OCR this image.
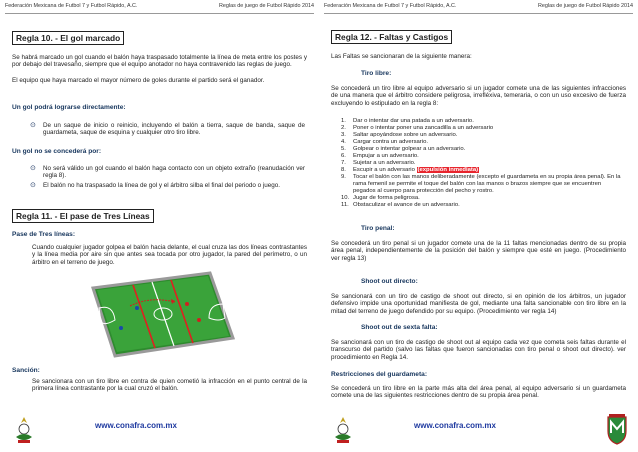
Federación Mexicana de Futbol 7 y Futbol Rápido, A.C.	Reglas de juego de Futbol Rápido 2014
Regla 10. - El gol marcado
Se habrá marcado un gol cuando el balón haya traspasado totalmente la línea de meta entre los postes y por debajo del travesaño, siempre que el equipo anotador no haya contravenido las reglas de juego.
El equipo que haya marcado el mayor número de goles durante el partido será el ganador.
Un gol podrá lograrse directamente:
⊙ De un saque de inicio o reinicio, incluyendo el balón a tierra, saque de banda, saque de guardameta, saque de esquina y cualquier otro tiro libre.
Un gol no se concederá por:
⊙ No será válido un gol cuando el balón haga contacto con un objeto extraño (reanudación ver regla 8).
⊙ El balón no ha traspasado la línea de gol y el árbitro silba el final del periodo o juego.
Regla 11. - El pase de Tres Líneas
Pase de Tres líneas:
Cuando cualquier jugador golpea el balón hacia delante, el cual cruza las dos líneas contrastantes y la línea media por aire sin que antes sea tocada por otro jugador, la pared del perímetro, o un árbitro en el terreno de juego.
Sanción:
Se sancionara con un tiro libre en contra de quien cometió la infracción en el punto central de la primera línea contrastante por la cual cruzó el balón.
www.conafra.com.mx
Federación Mexicana de Futbol 7 y Futbol Rápido, A.C.	Reglas de juego de Futbol Rápido 2014
Regla 12. - Faltas y Castigos
Las Faltas se sancionaran de la siguiente manera:
Tiro libre:
Se concederá un tiro libre al equipo adversario si un jugador comete una de las siguientes infracciones de una manera que el árbitro considere peligrosa, irrefléxiva, temeraria, o con un uso excesivo de fuerza excluyendo lo estipulado en la regla 8:
1. Dar o intentar dar una patada a un adversario.
2. Poner o intentar poner una zancadilla a un adversario
3. Saltar apoyándose sobre un adversario.
4. Cargar contra un adversario.
5. Golpear o intentar golpear a un adversario.
6. Empujar a un adversario.
7. Sujetar a un adversario.
8. Escupir a un adversario (expulsión inmediata)
9. Tocar el balón con las manos deliberadamente (excepto el guardameta en su propia área penal). En la rama femenil se permite el toque del balón con las manos o brazos siempre que se encuentren pegados al cuerpo para protección del pecho y rostro.
10. Jugar de forma peligrosa.
11. Obstaculizar el avance de un adversario.
Tiro penal:
Se concederá un tiro penal si un jugador comete una de la 11 faltas mencionadas dentro de su propia área penal, independientemente de la posición del balón y siempre que esté en juego. (Procedimiento ver regla 13)
Shoot out directo:
Se sancionará con un tiro de castigo de shoot out directo, si en opinión de los árbitros, un jugador defensivo impide una oportunidad manifiesta de gol, mediante una falta sancionable con tiro libre en la mitad del terreno de juego defendido por su equipo. (Procedimiento ver regla 14)
Shoot out de sexta falta:
Se sancionará con un tiro de castigo de shoot out al equipo cada vez que cometa seis faltas durante el transcurso del partido (salvo las faltas que fueron sancionadas con tiro penal o shoot out directo). ver procedimiento en Regla 14.
Restricciones del guardameta:
Se concederá un tiro libre en la parte más alta del área penal, al equipo adversario si un guardameta comete una de las siguientes restricciones dentro de su propia área penal.
www.conafra.com.mx
